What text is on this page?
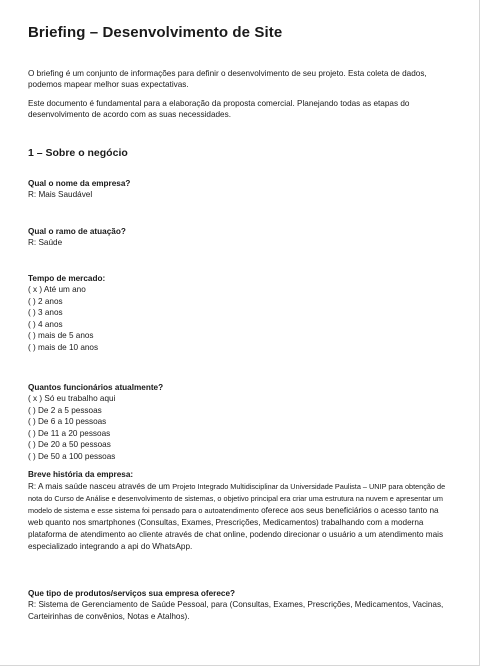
Briefing – Desenvolvimento de Site

O briefing é um conjunto de informações para definir o desenvolvimento de seu projeto. Esta coleta de dados, podemos mapear melhor suas expectativas.

Este documento é fundamental para a elaboração da proposta comercial. Planejando todas as etapas do desenvolvimento de acordo com as suas necessidades.

1 – Sobre o negócio

Qual o nome da empresa?

R: Mais Saudável

Qual o ramo de atuação?

R: Saúde

Tempo de mercado:

( x ) Até um ano
( ) 2 anos
( ) 3 anos
( ) 4 anos
( ) mais de 5 anos
( ) mais de 10 anos

Quantos funcionários atualmente?

( x ) Só eu trabalho aqui
( ) De 2 a 5 pessoas
( ) De 6 a 10 pessoas
( ) De 11 a 20 pessoas
( ) De 20 a 50 pessoas
( ) De 50 a 100 pessoas

Breve história da empresa:

R: A mais saúde nasceu através de um Projeto Integrado Multidisciplinar da Universidade Paulista – UNIP para obtenção de nota do Curso de Análise e desenvolvimento de sistemas, o objetivo principal era criar uma estrutura na nuvem e apresentar um modelo de sistema e esse sistema foi pensado para o autoatendimento oferece aos seus beneficiários o acesso tanto na web quanto nos smartphones (Consultas, Exames, Prescrições, Medicamentos) trabalhando com a moderna plataforma de atendimento ao cliente através de chat online, podendo direcionar o usuário a um atendimento mais especializado integrando a api do WhatsApp.

Que tipo de produtos/serviços sua empresa oferece?

R: Sistema de Gerenciamento de Saúde Pessoal, para (Consultas, Exames, Prescrições, Medicamentos, Vacinas, Carteirinhas de convênios, Notas e Atalhos).
